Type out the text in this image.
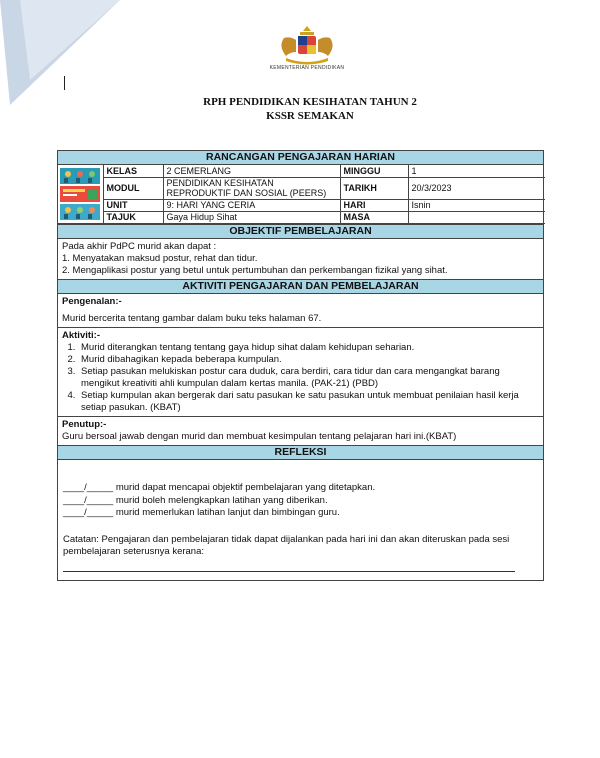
KEMENTERIAN PENDIDIKAN
RPH PENDIDIKAN KESIHATAN TAHUN 2
KSSR SEMAKAN
RANCANGAN PENGAJARAN HARIAN
	KELAS	2 CEMERLANG	MINGGU	1
	MODUL	PENDIDIKAN KESIHATAN REPRODUKTIF DAN SOSIAL (PEERS)	TARIKH	20/3/2023
	UNIT	9: HARI YANG CERIA	HARI	Isnin
	TAJUK	Gaya Hidup Sihat	MASA	
OBJEKTIF PEMBELAJARAN

Pada akhir PdPC murid akan dapat :

1. Menyatakan maksud postur, rehat dan tidur.

2. Mengaplikasi postur yang betul untuk pertumbuhan dan perkembangan fizikal yang sihat.

AKTIVITI PENGAJARAN DAN PEMBELAJARAN

Pengenalan:-

Murid bercerita tentang gambar dalam buku teks halaman 67.

Aktiviti:-

1. Murid diterangkan tentang tentang gaya hidup sihat dalam kehidupan seharian.
2. Murid dibahagikan kepada beberapa kumpulan.
3. Setiap pasukan melukiskan postur cara duduk, cara berdiri, cara tidur dan cara mengangkat barang mengikut kreativiti ahli kumpulan dalam kertas manila. (PAK-21) (PBD)
4. Setiap kumpulan akan bergerak dari satu pasukan ke satu pasukan untuk membuat penilaian hasil kerja setiap pasukan. (KBAT)

Penutup:-

Guru bersoal jawab dengan murid dan membuat kesimpulan tentang pelajaran hari ini.(KBAT)

REFLEKSI

____/_____ murid dapat mencapai objektif pembelajaran yang ditetapkan.

____/_____ murid boleh melengkapkan latihan yang diberikan.

____/_____ murid memerlukan latihan lanjut dan bimbingan guru.

Catatan: Pengajaran dan pembelajaran tidak dapat dijalankan pada hari ini dan akan diteruskan pada sesi pembelajaran seterusnya kerana:
